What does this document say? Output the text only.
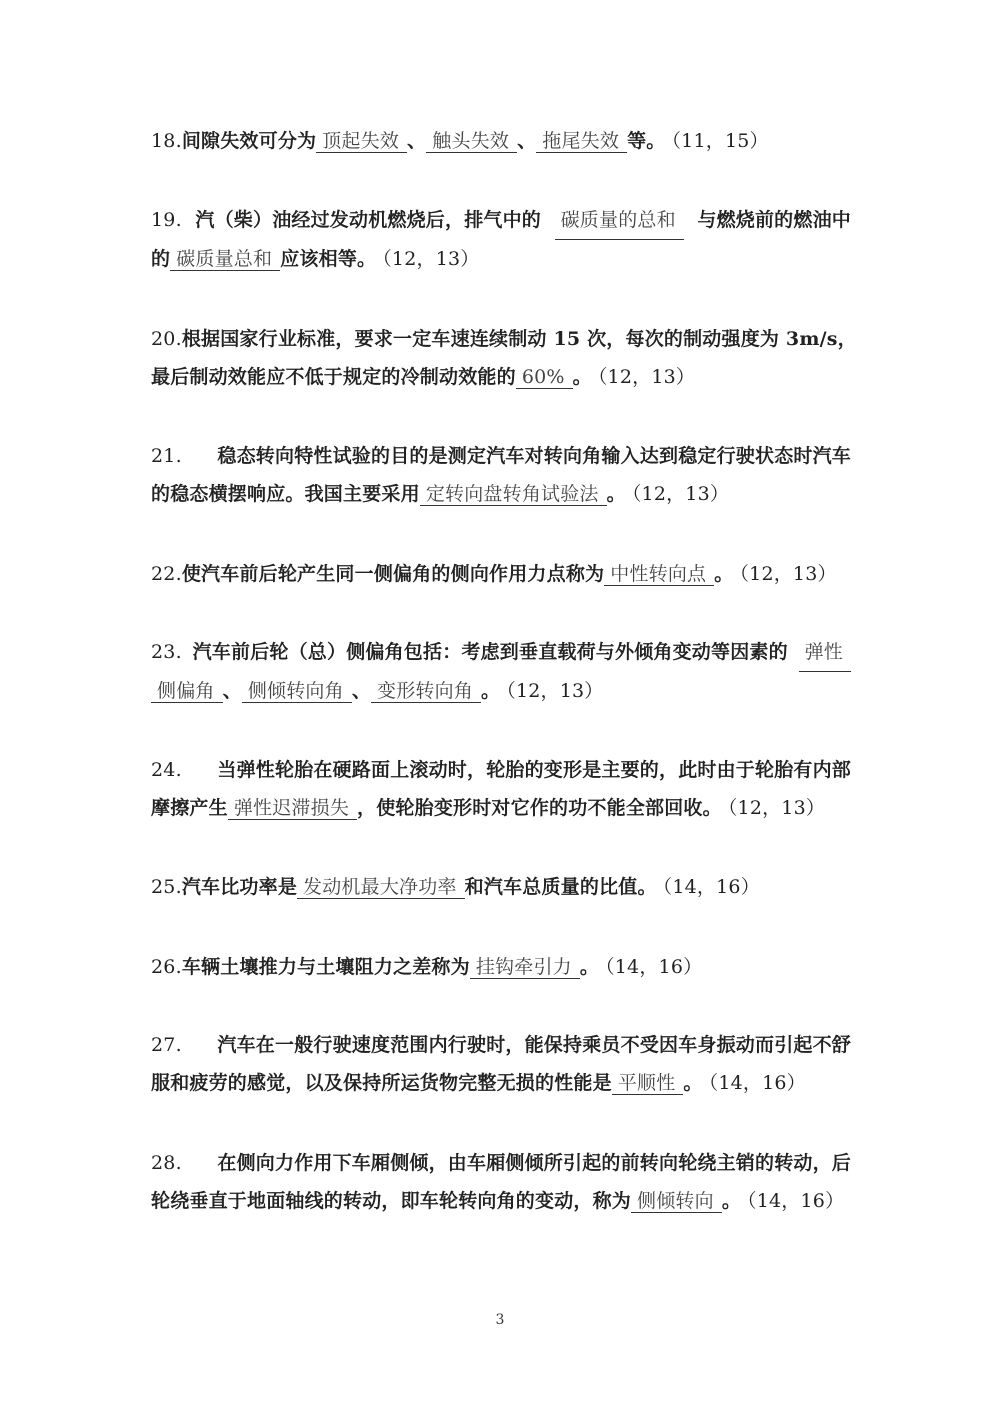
18.间隙失效可分为 顶起失效 、 触头失效 、 拖尾失效 等。 （11，15）
19. 汽（柴）油经过发动机燃烧后，排气中的	碳质量的总和	与燃烧前的燃油中
的 碳质量总和 应该相等。 （12，13）
20. 根据国家行业标准，要求一定车速连续制动 15 次，每次的制动强度为 3m/s，
最后制动效能应不低于规定的冷制动效能的 60% 。 （12，13）
21. 稳态转向特性试验的目的是测定汽车对转向角输入达到稳定行驶状态时汽车
的稳态横摆响应。我国主要采用 定转向盘转角试验法 。 （12，13）
22.使汽车前后轮产生同一侧偏角的侧向作用力点称为 中性转向点 。 （12，13）
23. 汽车前后轮（总）侧偏角包括：考虑到垂直载荷与外倾角变动等因素的 弹性
侧偏角 、 侧倾转向角 、 变形转向角 。 （12，13）
24. 当弹性轮胎在硬路面上滚动时，轮胎的变形是主要的，此时由于轮胎有内部
摩擦产生 弹性迟滞损失 ，使轮胎变形时对它作的功不能全部回收。 （12，13）
25.汽车比功率是 发动机最大净功率 和汽车总质量的比值。 （14，16）
26.车辆土壤推力与土壤阻力之差称为 挂钩牵引力 。 （14，16）
27. 汽车在一般行驶速度范围内行驶时，能保持乘员不受因车身振动而引起不舒
服和疲劳的感觉，以及保持所运货物完整无损的性能是 平顺性 。 （14，16）
28. 在侧向力作用下车厢侧倾，由车厢侧倾所引起的前转向轮绕主销的转动，后
轮绕垂直于地面轴线的转动，即车轮转向角的变动，称为 侧倾转向 。 （14，16）
3
